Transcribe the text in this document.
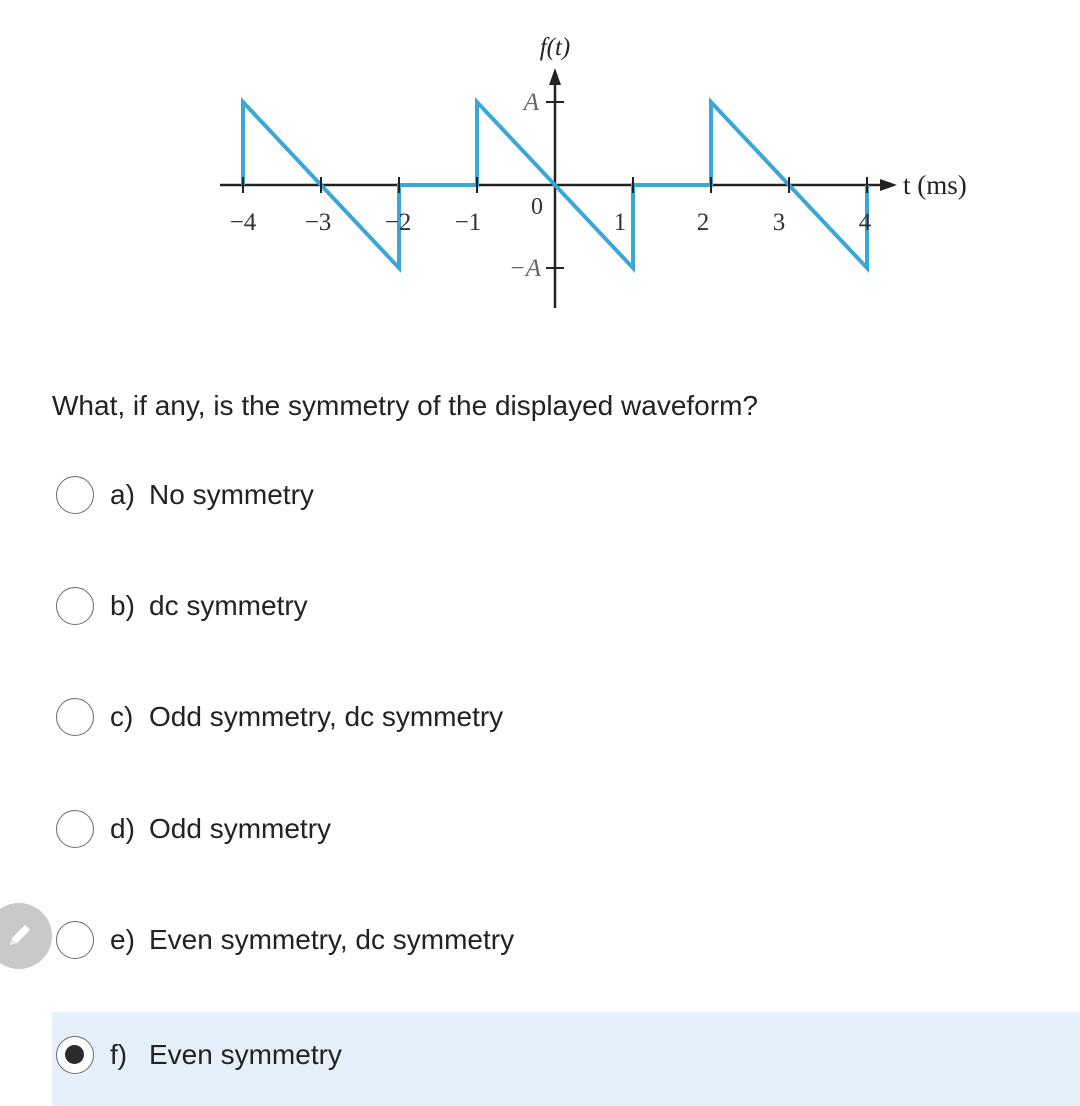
f(t)
t (ms)
A
−A
0
−4 −3 −2 −1	1	2	3	4
What, if any, is the symmetry of the displayed waveform?
a) No symmetry
b) dc symmetry
c) Odd symmetry, dc symmetry
d) Odd symmetry
e) Even symmetry, dc symmetry
f) Even symmetry
